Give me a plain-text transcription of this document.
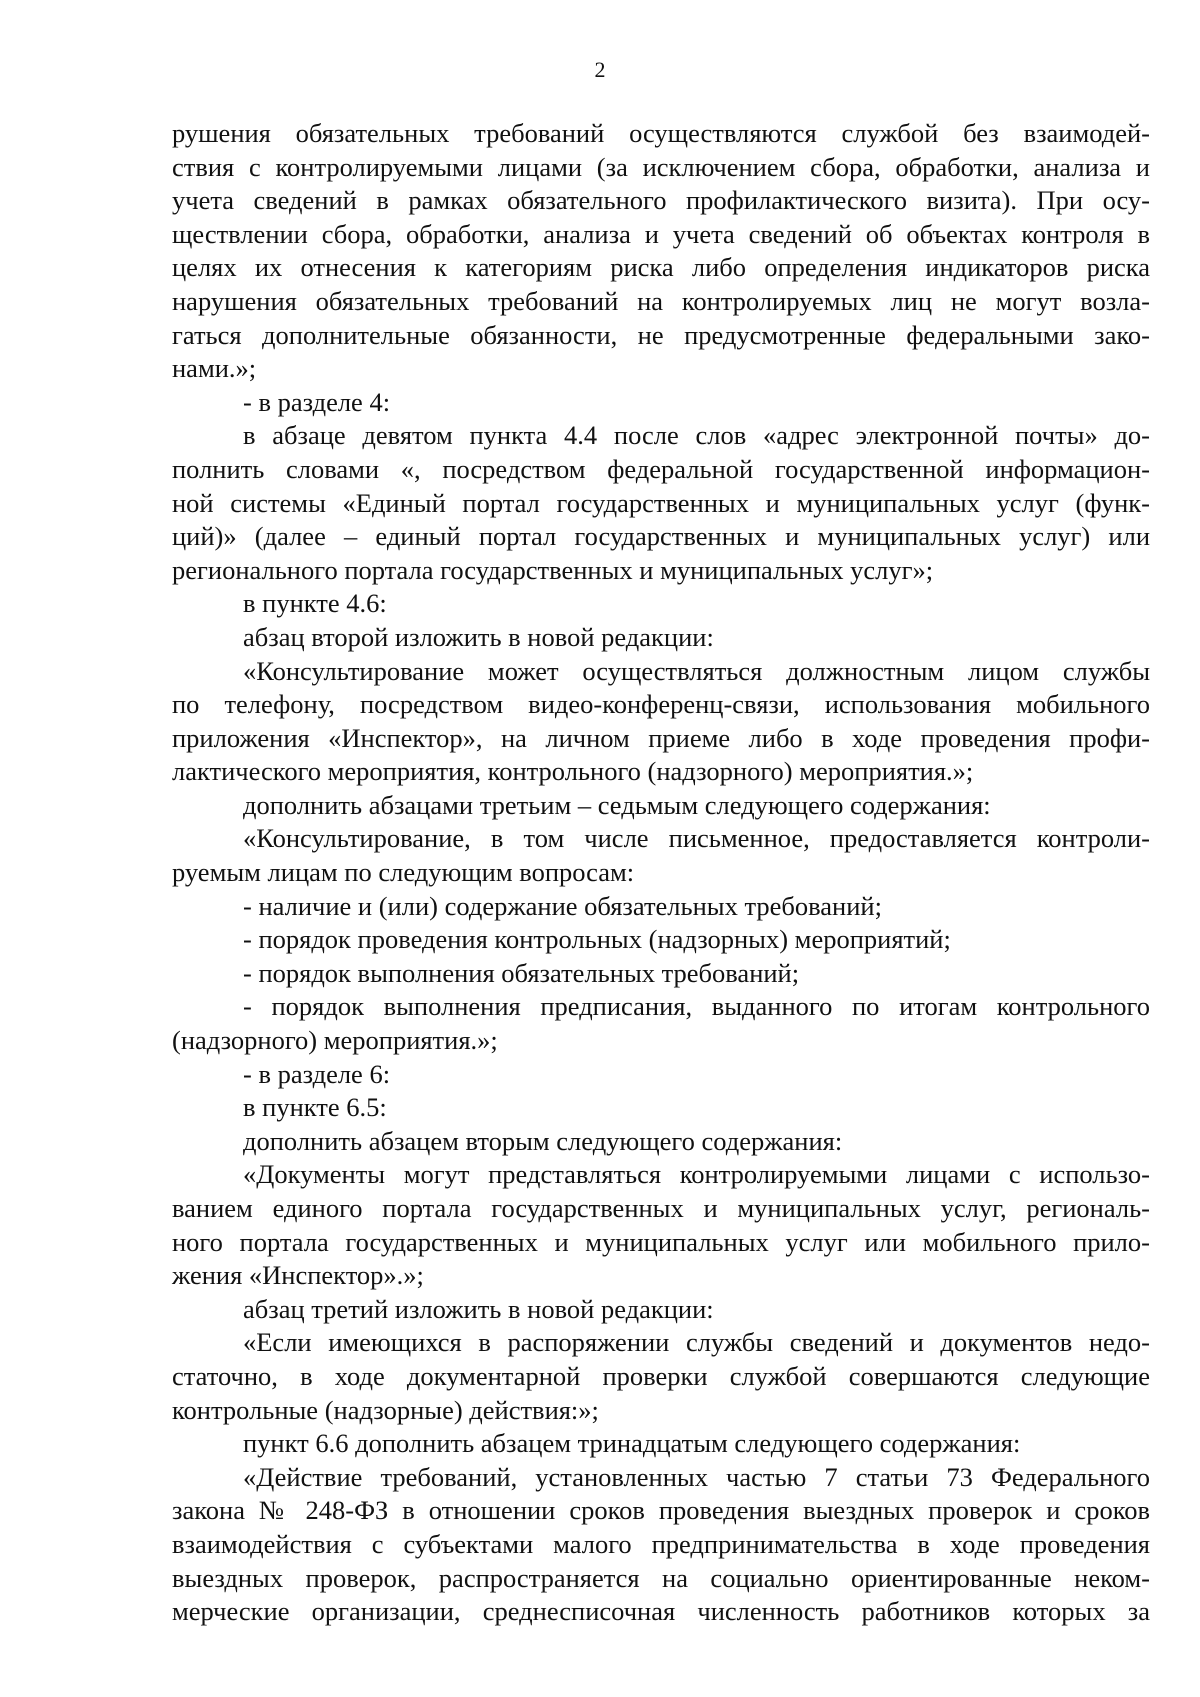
2
рушения обязательных требований осуществляются службой без взаимодей-
ствия с контролируемыми лицами (за исключением сбора, обработки, анализа и
учета сведений в рамках обязательного профилактического визита). При осу-
ществлении сбора, обработки, анализа и учета сведений об объектах контроля в
целях их отнесения к категориям риска либо определения индикаторов риска
нарушения обязательных требований на контролируемых лиц не могут возла-
гаться дополнительные обязанности, не предусмотренные федеральными зако-
нами.»;
- в разделе 4:
в абзаце девятом пункта 4.4 после слов «адрес электронной почты» до-
полнить словами «, посредством федеральной государственной информацион-
ной системы «Единый портал государственных и муниципальных услуг (функ-
ций)» (далее – единый портал государственных и муниципальных услуг) или
регионального портала государственных и муниципальных услуг»;
в пункте 4.6:
абзац второй изложить в новой редакции:
«Консультирование может осуществляться должностным лицом службы
по телефону, посредством видео-конференц-связи, использования мобильного
приложения «Инспектор», на личном приеме либо в ходе проведения профи-
лактического мероприятия, контрольного (надзорного) мероприятия.»;
дополнить абзацами третьим – седьмым следующего содержания:
«Консультирование, в том числе письменное, предоставляется контроли-
руемым лицам по следующим вопросам:
- наличие и (или) содержание обязательных требований;
- порядок проведения контрольных (надзорных) мероприятий;
- порядок выполнения обязательных требований;
- порядок выполнения предписания, выданного по итогам контрольного
(надзорного) мероприятия.»;
- в разделе 6:
в пункте 6.5:
дополнить абзацем вторым следующего содержания:
«Документы могут представляться контролируемыми лицами с использо-
ванием единого портала государственных и муниципальных услуг, региональ-
ного портала государственных и муниципальных услуг или мобильного прило-
жения «Инспектор».»;
абзац третий изложить в новой редакции:
«Если имеющихся в распоряжении службы сведений и документов недо-
статочно, в ходе документарной проверки службой совершаются следующие
контрольные (надзорные) действия:»;
пункт 6.6 дополнить абзацем тринадцатым следующего содержания:
«Действие требований, установленных частью 7 статьи 73 Федерального
закона № 248-ФЗ в отношении сроков проведения выездных проверок и сроков
взаимодействия с субъектами малого предпринимательства в ходе проведения
выездных проверок, распространяется на социально ориентированные неком-
мерческие организации, среднесписочная численность работников которых за
